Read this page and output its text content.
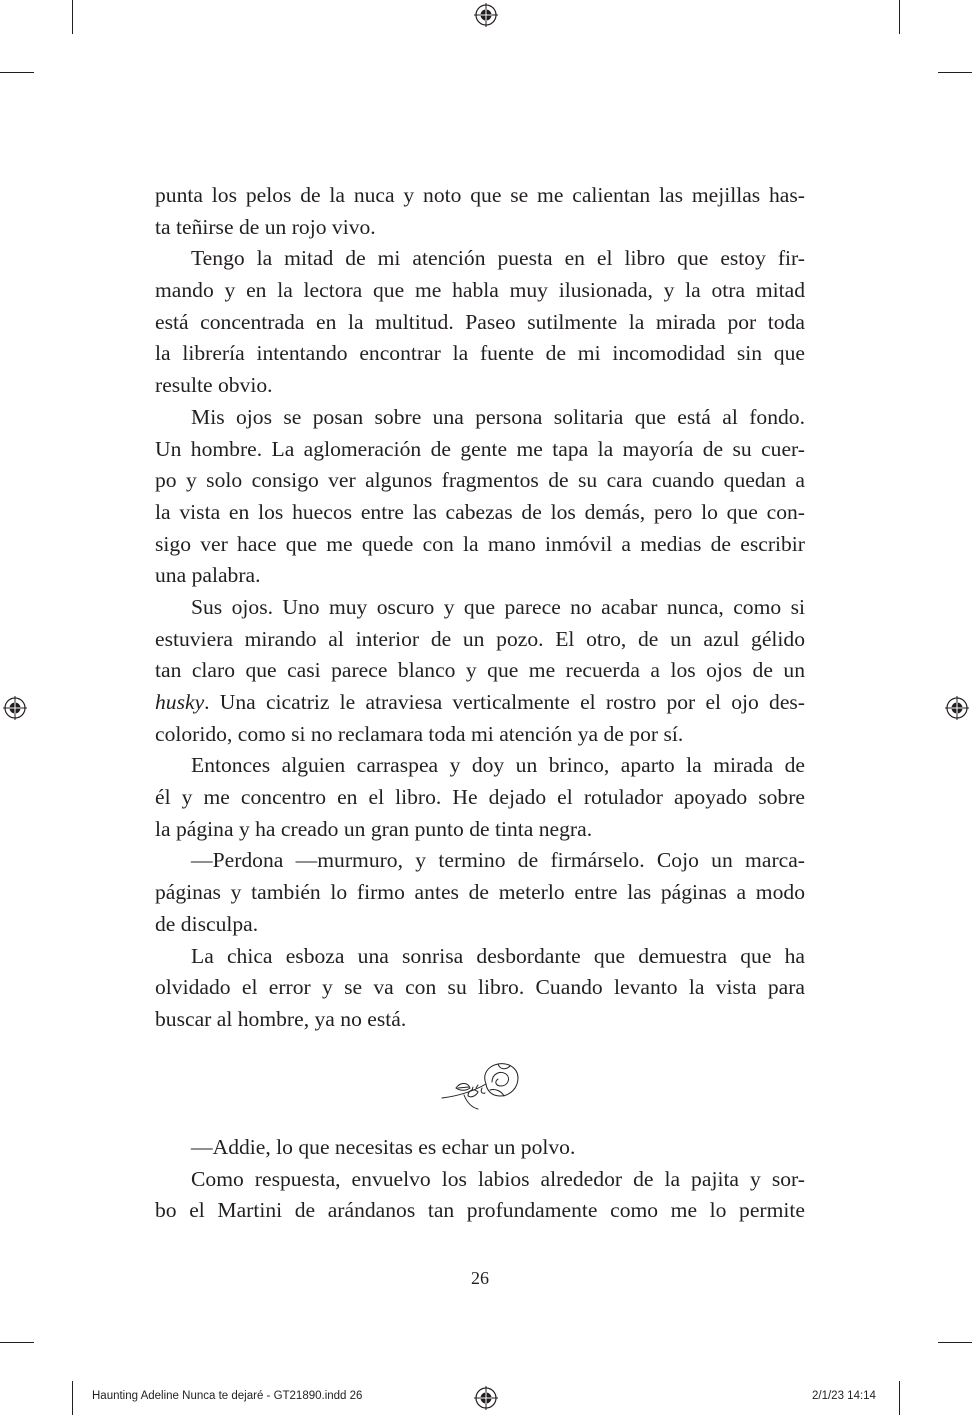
punta los pelos de la nuca y noto que se me calientan las mejillas has-
ta teñirse de un rojo vivo.
Tengo la mitad de mi atención puesta en el libro que estoy fir-
mando y en la lectora que me habla muy ilusionada, y la otra mitad
está concentrada en la multitud. Paseo sutilmente la mirada por toda
la librería intentando encontrar la fuente de mi incomodidad sin que
resulte obvio.
Mis ojos se posan sobre una persona solitaria que está al fondo.
Un hombre. La aglomeración de gente me tapa la mayoría de su cuer-
po y solo consigo ver algunos fragmentos de su cara cuando quedan a
la vista en los huecos entre las cabezas de los demás, pero lo que con-
sigo ver hace que me quede con la mano inmóvil a medias de escribir
una palabra.
Sus ojos. Uno muy oscuro y que parece no acabar nunca, como si
estuviera mirando al interior de un pozo. El otro, de un azul gélido
tan claro que casi parece blanco y que me recuerda a los ojos de un
husky. Una cicatriz le atraviesa verticalmente el rostro por el ojo des-
colorido, como si no reclamara toda mi atención ya de por sí.
Entonces alguien carraspea y doy un brinco, aparto la mirada de
él y me concentro en el libro. He dejado el rotulador apoyado sobre
la página y ha creado un gran punto de tinta negra.
—Perdona —murmuro, y termino de firmárselo. Cojo un marca-
páginas y también lo firmo antes de meterlo entre las páginas a modo
de disculpa.
La chica esboza una sonrisa desbordante que demuestra que ha
olvidado el error y se va con su libro. Cuando levanto la vista para
buscar al hombre, ya no está.
—Addie, lo que necesitas es echar un polvo.
Como respuesta, envuelvo los labios alrededor de la pajita y sor-
bo el Martini de arándanos tan profundamente como me lo permite
26
Haunting Adeline Nunca te dejaré - GT21890.indd 26	2/1/23 14:14
